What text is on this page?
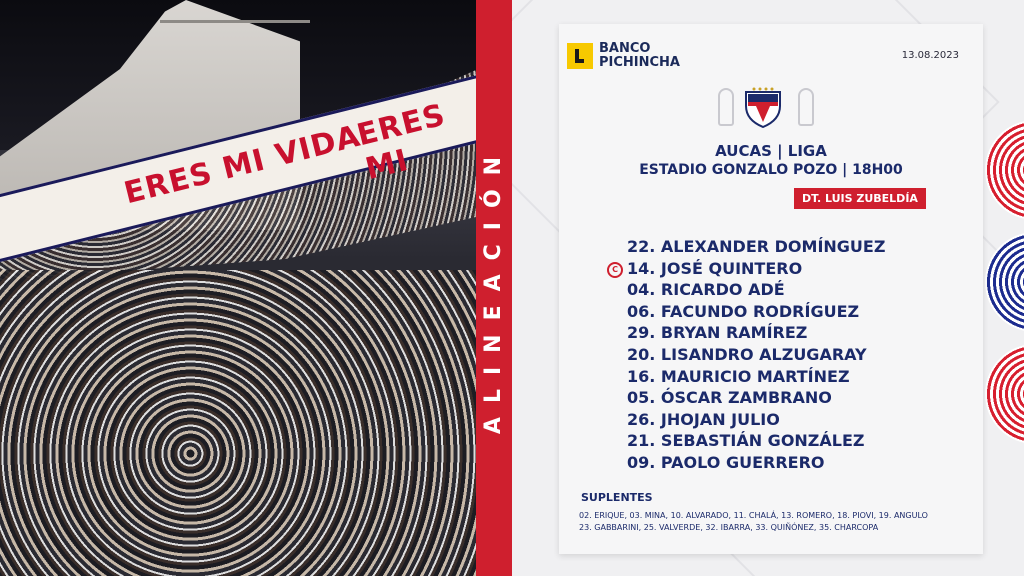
ERES MI VIDA
ERES MI	ALINEACIÓN
BANCO
PICHINCHA	13.08.2023
AUCAS | LIGA
ESTADIO GONZALO POZO | 18H00
DT. LUIS ZUBELDÍA
C
22. ALEXANDER DOMÍNGUEZ
14. JOSÉ QUINTERO
04. RICARDO ADÉ
06. FACUNDO RODRÍGUEZ
29. BRYAN RAMÍREZ
20. LISANDRO ALZUGARAY
16. MAURICIO MARTÍNEZ
05. ÓSCAR ZAMBRANO
26. JHOJAN JULIO
21. SEBASTIÁN GONZÁLEZ
09. PAOLO GUERRERO
SUPLENTES
02. ERIQUE, 03. MINA, 10. ALVARADO, 11. CHALÁ, 13. ROMERO, 18. PIOVI, 19. ANGULO
23. GABBARINI, 25. VALVERDE, 32. IBARRA, 33. QUIÑÓNEZ, 35. CHARCOPA
